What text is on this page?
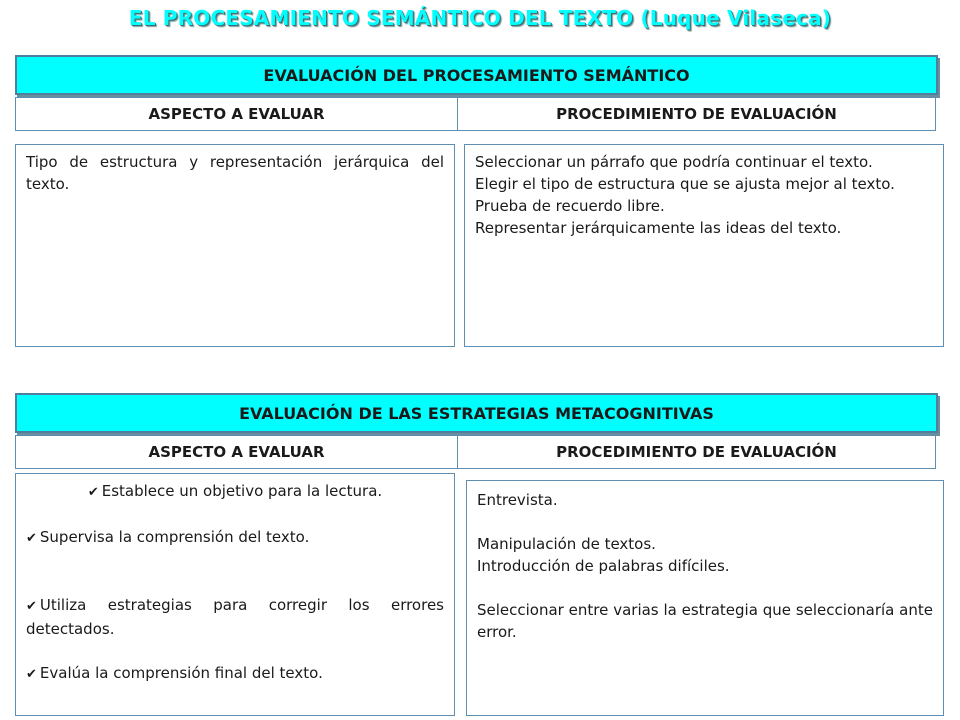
EL PROCESAMIENTO SEMÁNTICO DEL TEXTO (Luque Vilaseca)
EVALUACIÓN DEL PROCESAMIENTO SEMÁNTICO
ASPECTO A EVALUAR	PROCEDIMIENTO DE EVALUACIÓN
Tipo de estructura y representación jerárquica del texto.
Seleccionar un párrafo que podría continuar el texto.
Elegir el tipo de estructura que se ajusta mejor al texto.
Prueba de recuerdo libre.
Representar jerárquicamente las ideas del texto.
EVALUACIÓN DE LAS ESTRATEGIAS METACOGNITIVAS
ASPECTO A EVALUAR	PROCEDIMIENTO DE EVALUACIÓN
✔ Establece un objetivo para la lectura.
✔ Supervisa la comprensión del texto.
✔ Utiliza estrategias para corregir los errores detectados.
✔ Evalúa la comprensión final del texto.
Entrevista.
Manipulación de textos.
Introducción de palabras difíciles.
Seleccionar entre varias la estrategia que seleccionaría ante error.
